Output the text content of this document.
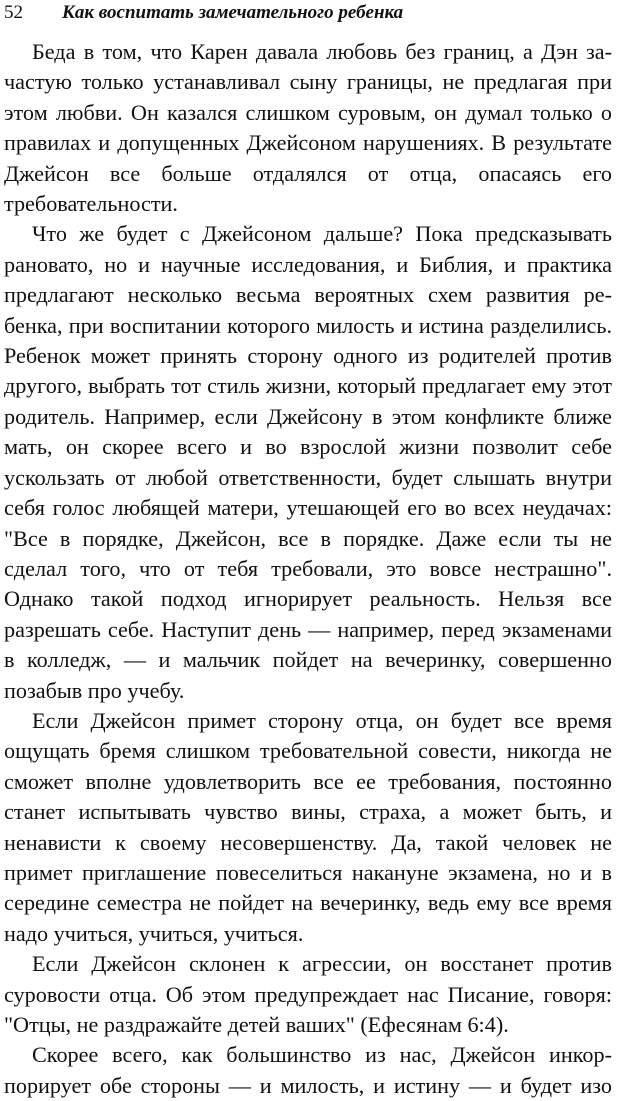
52 Как воспитать замечательного ребенка

Беда в том, что Карен давала любовь без границ, а Дэн зачастую только устанавливал сыну границы, не предлагая при этом любви. Он казался слишком суровым, он думал только о правилах и допущенных Джейсоном нарушениях. В результате Джейсон все больше отдалялся от отца, опасаясь его требовательности.

Что же будет с Джейсоном дальше? Пока предсказывать рановато, но и научные исследования, и Библия, и практика предлагают несколько весьма вероятных схем развития ребенка, при воспитании которого милость и истина разделились. Ребенок может принять сторону одного из родителей против другого, выбрать тот стиль жизни, который предлагает ему этот родитель. Например, если Джейсону в этом конфликте ближе мать, он скорее всего и во взрослой жизни позволит себе ускользать от любой ответственности, будет слышать внутри себя голос любящей матери, утешающей его во всех неудачах: "Все в порядке, Джейсон, все в порядке. Даже если ты не сделал того, что от тебя требовали, это вовсе нестрашно". Однако такой подход игнорирует реальность. Нельзя все разрешать себе. Наступит день — например, перед экзаменами в колледж, — и мальчик пойдет на вечеринку, совершенно позабыв про учебу.

Если Джейсон примет сторону отца, он будет все время ощущать бремя слишком требовательной совести, никогда не сможет вполне удовлетворить все ее требования, постоянно станет испытывать чувство вины, страха, а может быть, и ненависти к своему несовершенству. Да, такой человек не примет приглашение повеселиться накануне экзамена, но и в середине семестра не пойдет на вечеринку, ведь ему все время надо учиться, учиться, учиться.

Если Джейсон склонен к агрессии, он восстанет против суровости отца. Об этом предупреждает нас Писание, говоря: "Отцы, не раздражайте детей ваших" (Ефесянам 6:4).

Скорее всего, как большинство из нас, Джейсон инкорпорирует обе стороны — и милость, и истину — и будет изо
